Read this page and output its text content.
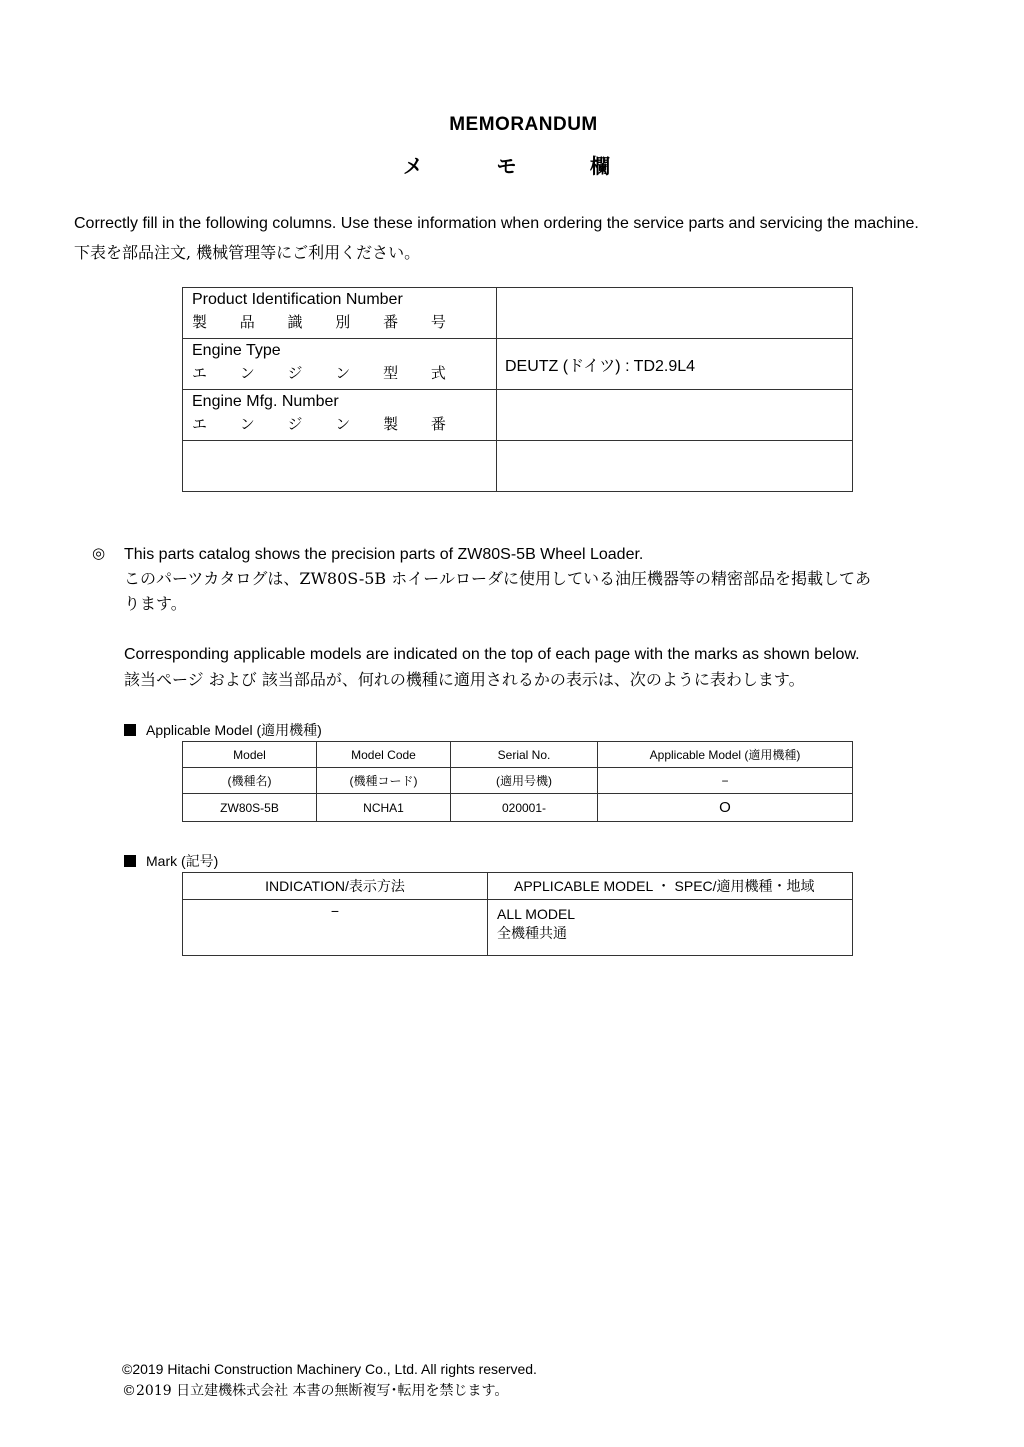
MEMORANDUM
メ モ 欄
Correctly fill in the following columns. Use these information when ordering the service parts and servicing the machine.
下表を部品注文, 機械管理等にご利用ください。
Product Identification Number
製 品 識 別 番 号	

Engine Type
エ ン ジ ン 型 式	DEUTZ (ドイツ) : TD2.9L4

Engine Mfg. Number
エ ン ジ ン 製 番	

◎ This parts catalog shows the precision parts of ZW80S-5B Wheel Loader.
このパーツカタログは、ZW80S-5B ホイールローダに使用している油圧機器等の精密部品を掲載してあ
ります。
Corresponding applicable models are indicated on the top of each page with the marks as shown below.
該当ページ および 該当部品が、何れの機種に適用されるかの表示は、次のように表わします。
Applicable Model (適用機種)
Model	Model Code	Serial No.	Applicable Model (適用機種)
(機種名)	(機種コード)	(適用号機)	−
ZW80S-5B	NCHA1	020001-	O
Mark (記号)
INDICATION/表示方法	APPLICABLE MODEL ・ SPEC/適用機種・地域
−	ALL MODEL
全機種共通
©2019 Hitachi Construction Machinery Co., Ltd. All rights reserved.
©2019 日立建機株式会社 本書の無断複写･転用を禁じます。
